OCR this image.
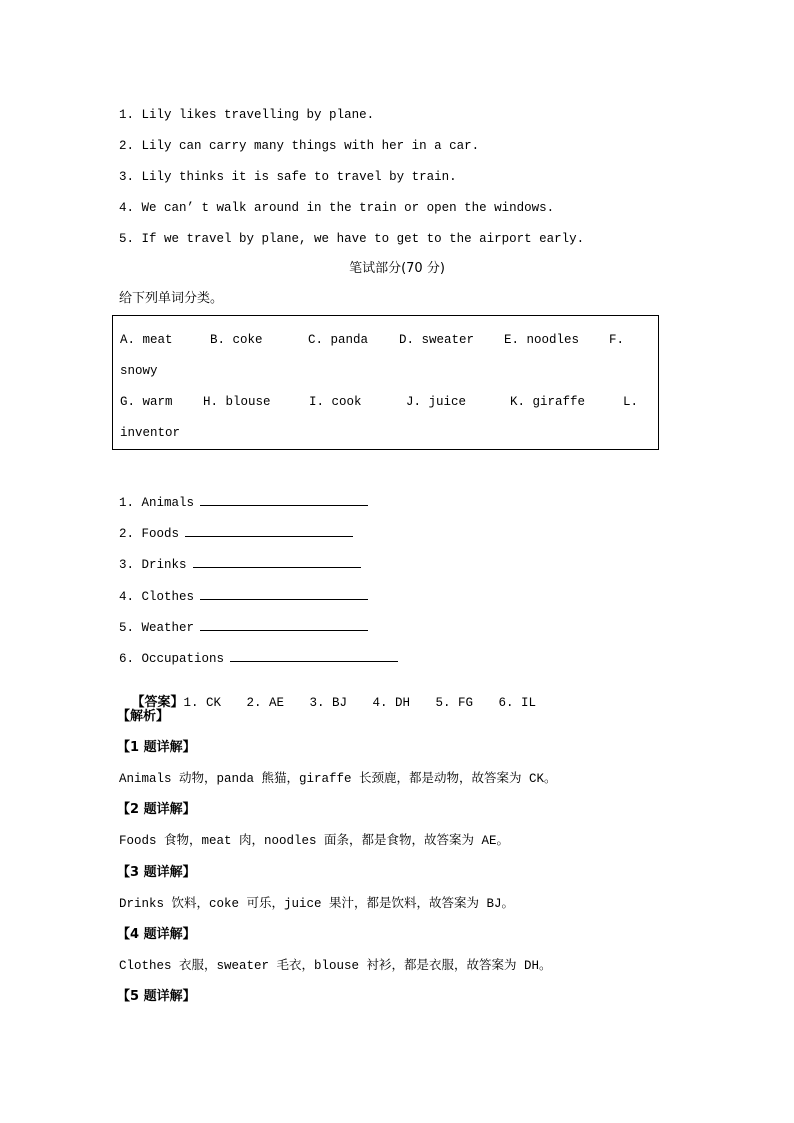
1. Lily likes travelling by plane.
2. Lily can carry many things with her in a car.
3. Lily thinks it is safe to travel by train.
4. We can’ t walk around in the train or open the windows.
5. If we travel by plane, we have to get to the airport early.
笔试部分(70 分)
给下列单词分类。
A. meat	B. coke	C. panda D. sweater E. noodles F.
snowy
G. warm H. blouse	I. cook	J. juice	K. giraffe	L.
inventor
1. Animals
2. Foods
3. Drinks
4. Clothes
5. Weather
6. Occupations

【答案】1. CK 2. AE 3. BJ 4. DH 5. FG 6. IL

【解析】
【1 题详解】
Animals 动物，panda 熊猫，giraffe 长颈鹿，都是动物，故答案为 CK。
【2 题详解】
Foods 食物，meat 肉，noodles 面条，都是食物，故答案为 AE。
【3 题详解】
Drinks 饮料，coke 可乐，juice 果汁，都是饮料，故答案为 BJ。
【4 题详解】
Clothes 衣服，sweater 毛衣，blouse 衬衫，都是衣服，故答案为 DH。
【5 题详解】
